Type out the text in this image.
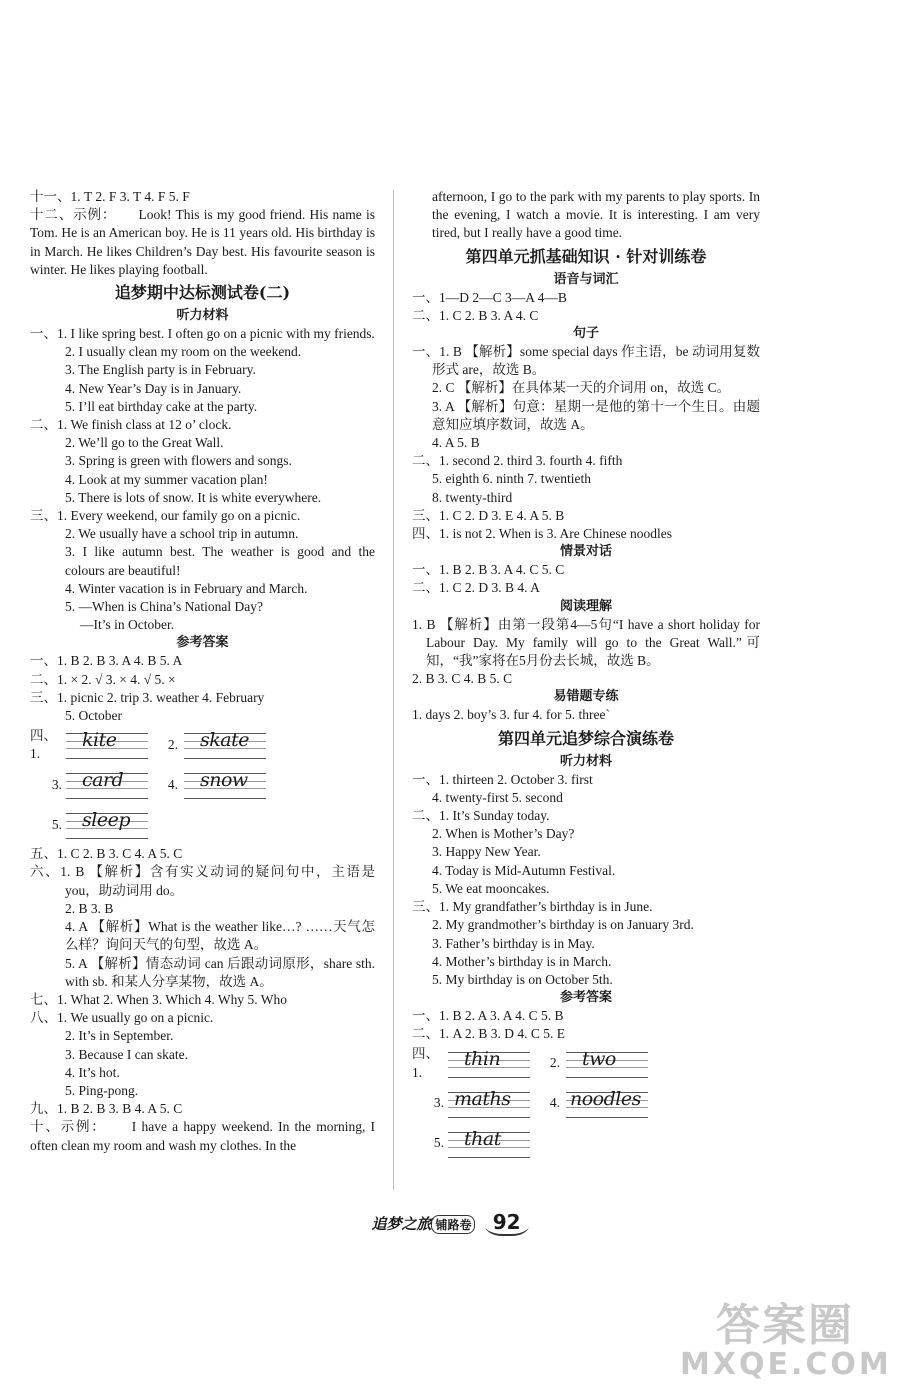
十一、1. T 2. F 3. T 4. F 5. F
十二、示例： Look! This is my good friend. His name is Tom. He is an American boy. He is 11 years old. His birthday is in March. He likes Children’s Day best. His favourite season is winter. He likes playing football.
追梦期中达标测试卷(二)
听力材料
一、1. I like spring best. I often go on a picnic with my friends.
2. I usually clean my room on the weekend.
3. The English party is in February.
4. New Year’s Day is in January.
5. I’ll eat birthday cake at the party.
二、1. We finish class at 12 o’ clock.
2. We’ll go to the Great Wall.
3. Spring is green with flowers and songs.
4. Look at my summer vacation plan!
5. There is lots of snow. It is white everywhere.
三、1. Every weekend, our family go on a picnic.
2. We usually have a school trip in autumn.
3. I like autumn best. The weather is good and the colours are beautiful!
4. Winter vacation is in February and March.
5. —When is China’s National Day?
—It’s in October.
参考答案
一、1. B 2. B 3. A 4. B 5. A
二、1. × 2. √ 3. × 4. √ 5. ×
三、1. picnic 2. trip 3. weather 4. February
5. October
四、1.
kite	2. skate
3. card	4. snow
5. sleep
五、1. C 2. B 3. C 4. A 5. C
六、1. B 【解析】含有实义动词的疑问句中，主语是 you，助动词用 do。
2. B 3. B
4. A 【解析】What is the weather like…? ……天气怎么样？询问天气的句型，故选 A。
5. A 【解析】情态动词 can 后跟动词原形，share sth. with sb. 和某人分享某物，故选 A。
七、1. What 2. When 3. Which 4. Why 5. Who
八、1. We usually go on a picnic.
2. It’s in September.
3. Because I can skate.
4. It’s hot.
5. Ping-pong.
九、1. B 2. B 3. B 4. A 5. C
十、示例： I have a happy weekend. In the morning, I often clean my room and wash my clothes. In the
afternoon, I go to the park with my parents to play sports. In the evening, I watch a movie. It is interesting. I am very tired, but I really have a good time.
第四单元抓基础知识 · 针对训练卷
语音与词汇
一、1—D 2—C 3—A 4—B
二、1. C 2. B 3. A 4. C
句子
一、1. B 【解析】some special days 作主语，be 动词用复数形式 are，故选 B。
2. C 【解析】在具体某一天的介词用 on，故选 C。
3. A 【解析】句意：星期一是他的第十一个生日。由题意知应填序数词，故选 A。
4. A 5. B
二、1. second 2. third 3. fourth 4. fifth
5. eighth 6. ninth 7. twentieth
8. twenty-third
三、1. C 2. D 3. E 4. A 5. B
四、1. is not 2. When is 3. Are Chinese noodles
情景对话
一、1. B 2. B 3. A 4. C 5. C
二、1. C 2. D 3. B 4. A
阅读理解
1. B 【解析】由第一段第4—5句“I have a short holiday for Labour Day. My family will go to the Great Wall.”可知，“我”家将在5月份去长城，故选 B。
2. B 3. C 4. B 5. C
易错题专练
1. days 2. boy’s 3. fur 4. for 5. three`
第四单元追梦综合演练卷
听力材料
一、1. thirteen 2. October 3. first
4. twenty-first 5. second
二、1. It’s Sunday today.
2. When is Mother’s Day?
3. Happy New Year.
4. Today is Mid-Autumn Festival.
5. We eat mooncakes.
三、1. My grandfather’s birthday is in June.
2. My grandmother’s birthday is on January 3rd.
3. Father’s birthday is in May.
4. Mother’s birthday is in March.
5. My birthday is on October 5th.
参考答案
一、1. B 2. A 3. A 4. C 5. B
二、1. A 2. B 3. D 4. C 5. E
四、1.
thin	2. two
3. maths	4. noodles
5. that
追梦之旅 铺路卷 92
答案圈
MXQE.COM
